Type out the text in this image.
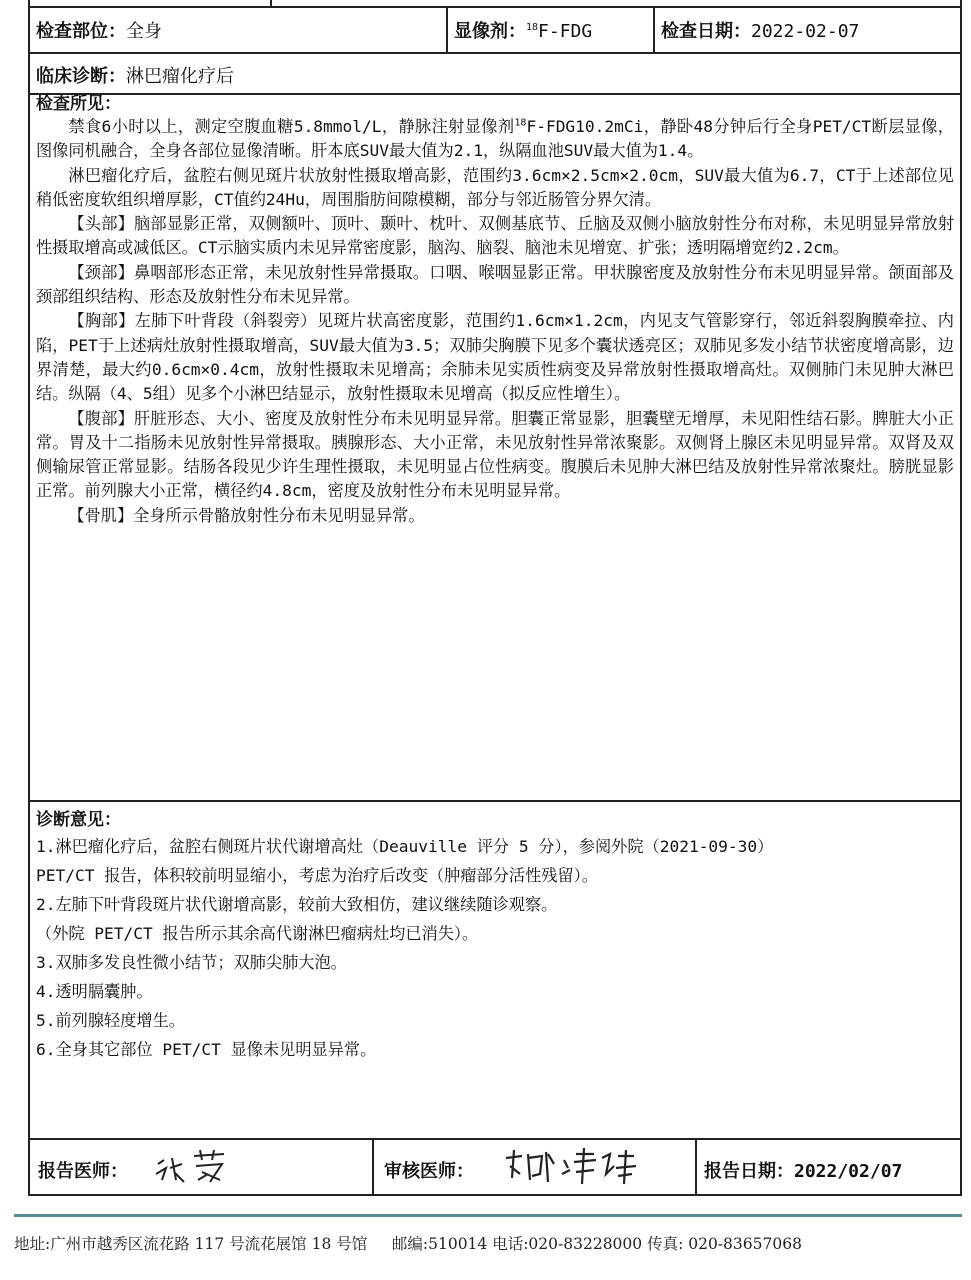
检查部位：全身	显像剂：$^{18}$F-FDG	检查日期：2022-02-07
临床诊断：淋巴瘤化疗后
检查所见：

禁食6小时以上，测定空腹血糖5.8mmol/L，静脉注射显像剂$^{18}$F-FDG10.2mCi，静卧48分钟后行全身PET/CT断层显像，图像同机融合，全身各部位显像清晰。肝本底SUV最大值为2.1，纵隔血池SUV最大值为1.4。

淋巴瘤化疗后，盆腔右侧见斑片状放射性摄取增高影，范围约3.6cm×2.5cm×2.0cm，SUV最大值为6.7，CT于上述部位见稍低密度软组织增厚影，CT值约24Hu，周围脂肪间隙模糊，部分与邻近肠管分界欠清。

【头部】脑部显影正常，双侧额叶、顶叶、颞叶、枕叶、双侧基底节、丘脑及双侧小脑放射性分布对称，未见明显异常放射性摄取增高或减低区。CT示脑实质内未见异常密度影，脑沟、脑裂、脑池未见增宽、扩张；透明隔增宽约2.2cm。

【颈部】鼻咽部形态正常，未见放射性异常摄取。口咽、喉咽显影正常。甲状腺密度及放射性分布未见明显异常。颌面部及颈部组织结构、形态及放射性分布未见异常。

【胸部】左肺下叶背段（斜裂旁）见斑片状高密度影，范围约1.6cm×1.2cm，内见支气管影穿行，邻近斜裂胸膜牵拉、内陷，PET于上述病灶放射性摄取增高，SUV最大值为3.5；双肺尖胸膜下见多个囊状透亮区；双肺见多发小结节状密度增高影，边界清楚，最大约0.6cm×0.4cm，放射性摄取未见增高；余肺未见实质性病变及异常放射性摄取增高灶。双侧肺门未见肿大淋巴结。纵隔（4、5组）见多个小淋巴结显示，放射性摄取未见增高（拟反应性增生）。

【腹部】肝脏形态、大小、密度及放射性分布未见明显异常。胆囊正常显影，胆囊壁无增厚，未见阳性结石影。脾脏大小正常。胃及十二指肠未见放射性异常摄取。胰腺形态、大小正常，未见放射性异常浓聚影。双侧肾上腺区未见明显异常。双肾及双侧输尿管正常显影。结肠各段见少许生理性摄取，未见明显占位性病变。腹膜后未见肿大淋巴结及放射性异常浓聚灶。膀胱显影正常。前列腺大小正常，横径约4.8cm，密度及放射性分布未见明显异常。

【骨肌】全身所示骨骼放射性分布未见明显异常。

诊断意见：
1.淋巴瘤化疗后，盆腔右侧斑片状代谢增高灶（Deauville 评分 5 分），参阅外院（2021-09-30）
PET/CT 报告，体积较前明显缩小，考虑为治疗后改变（肿瘤部分活性残留）。
2.左肺下叶背段斑片状代谢增高影，较前大致相仿，建议继续随诊观察。
（外院 PET/CT 报告所示其余高代谢淋巴瘤病灶均已消失）。
3.双肺多发良性微小结节；双肺尖肺大泡。
4.透明膈囊肿。
5.前列腺轻度增生。
6.全身其它部位 PET/CT 显像未见明显异常。
报告医师：	审核医师：	报告日期：2022/02/07
地址:广州市越秀区流花路 117 号流花展馆 18 号馆 邮编:510014 电话:020-83228000 传真: 020-83657068
